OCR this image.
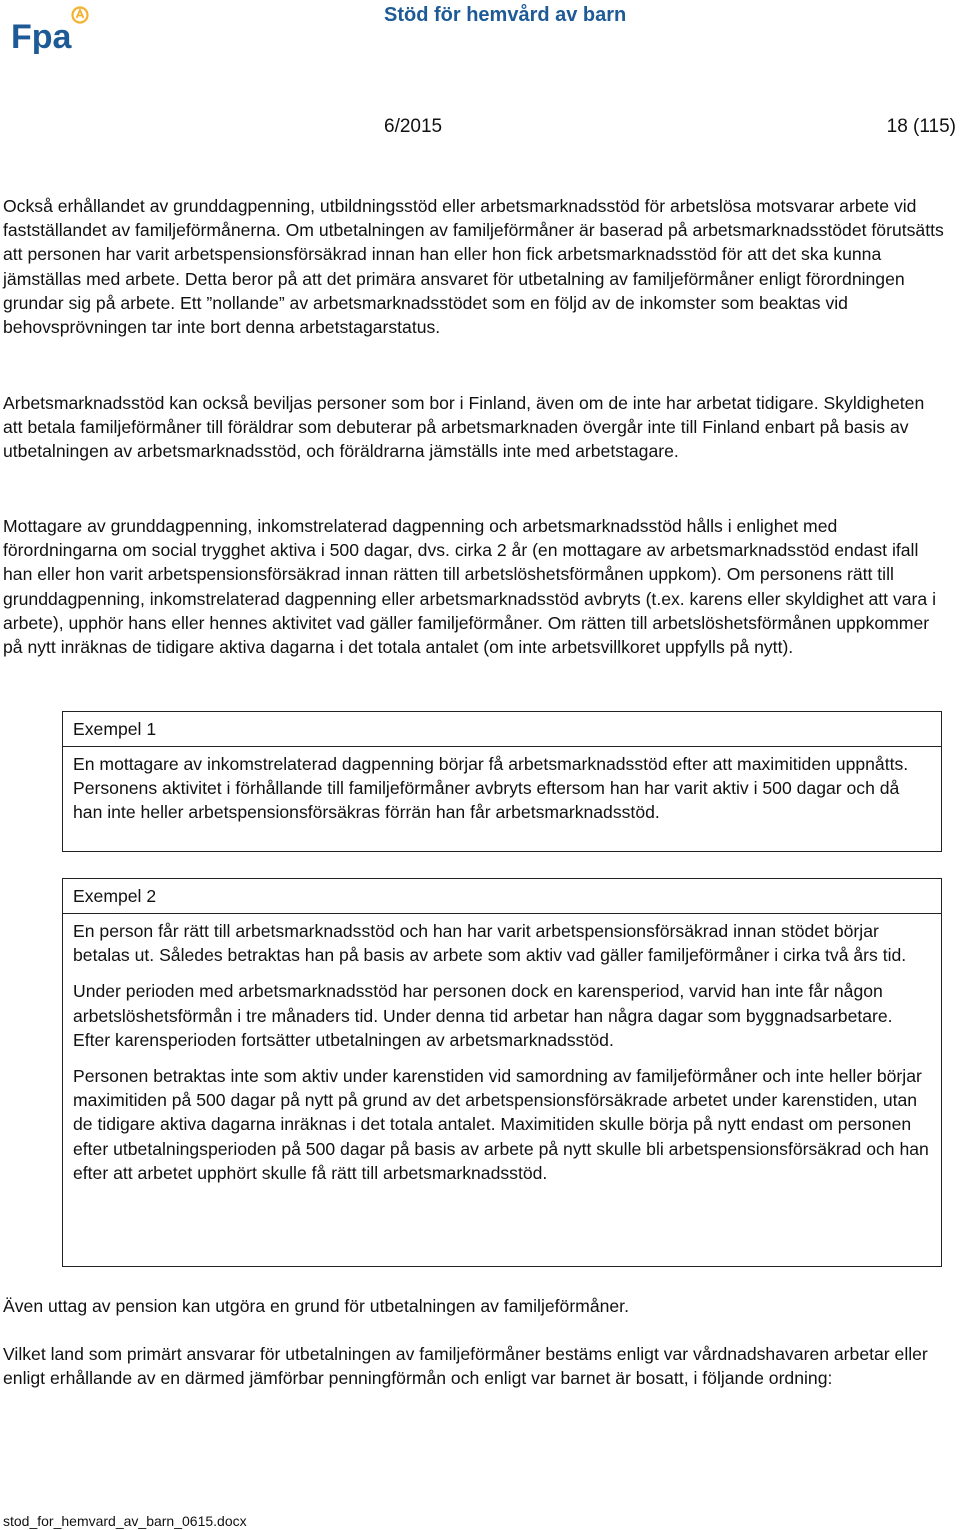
Fpa
Stöd för hemvård av barn
6/2015	18 (115)

Också erhållandet av grunddagpenning, utbildningsstöd eller arbetsmarknadsstöd för arbetslösa motsvarar arbete vid fastställandet av familjeförmånerna. Om utbetalningen av familjeförmåner är baserad på arbetsmarknadsstödet förutsätts att personen har varit arbetspensionsförsäkrad innan han eller hon fick arbetsmarknadsstöd för att det ska kunna jämställas med arbete. Detta beror på att det primära ansvaret för utbetalning av familjeförmåner enligt förordningen grundar sig på arbete. Ett ”nollande” av arbetsmarknadsstödet som en följd av de inkomster som beaktas vid behovsprövningen tar inte bort denna arbetstagarstatus.

Arbetsmarknadsstöd kan också beviljas personer som bor i Finland, även om de inte har arbetat tidigare. Skyldigheten att betala familjeförmåner till föräldrar som debuterar på arbetsmarknaden övergår inte till Finland enbart på basis av utbetalningen av arbetsmarknadsstöd, och föräldrarna jämställs inte med arbetstagare.

Mottagare av grunddagpenning, inkomstrelaterad dagpenning och arbetsmarknadsstöd hålls i enlighet med förordningarna om social trygghet aktiva i 500 dagar, dvs. cirka 2 år (en mottagare av arbetsmarknadsstöd endast ifall han eller hon varit arbetspensionsförsäkrad innan rätten till arbetslöshetsförmånen uppkom). Om personens rätt till grunddagpenning, inkomstrelaterad dagpenning eller arbetsmarknadsstöd avbryts (t.ex. karens eller skyldighet att vara i arbete), upphör hans eller hennes aktivitet vad gäller familjeförmåner. Om rätten till arbetslöshetsförmånen uppkommer på nytt inräknas de tidigare aktiva dagarna i det totala antalet (om inte arbetsvillkoret uppfylls på nytt).

Exempel 1

En mottagare av inkomstrelaterad dagpenning börjar få arbetsmarknadsstöd efter att maximitiden uppnåtts. Personens aktivitet i förhållande till familjeförmåner avbryts eftersom han har varit aktiv i 500 dagar och då han inte heller arbetspensionsförsäkras förrän han får arbetsmarknadsstöd.

Exempel 2

En person får rätt till arbetsmarknadsstöd och han har varit arbetspensionsförsäkrad innan stödet börjar betalas ut. Således betraktas han på basis av arbete som aktiv vad gäller familjeförmåner i cirka två års tid.

Under perioden med arbetsmarknadsstöd har personen dock en karensperiod, varvid han inte får någon arbetslöshetsförmån i tre månaders tid. Under denna tid arbetar han några dagar som byggnadsarbetare. Efter karensperioden fortsätter utbetalningen av arbetsmarknadsstöd.

Personen betraktas inte som aktiv under karenstiden vid samordning av familjeförmåner och inte heller börjar maximitiden på 500 dagar på nytt på grund av det arbetspensionsförsäkrade arbetet under karenstiden, utan de tidigare aktiva dagarna inräknas i det totala antalet. Maximitiden skulle börja på nytt endast om personen efter utbetalningsperioden på 500 dagar på basis av arbete på nytt skulle bli arbetspensionsförsäkrad och han efter att arbetet upphört skulle få rätt till arbetsmarknadsstöd.

Även uttag av pension kan utgöra en grund för utbetalningen av familjeförmåner.

Vilket land som primärt ansvarar för utbetalningen av familjeförmåner bestäms enligt var vårdnadshavaren arbetar eller enligt erhållande av en därmed jämförbar penningförmån och enligt var barnet är bosatt, i följande ordning:

stod_for_hemvard_av_barn_0615.docx
